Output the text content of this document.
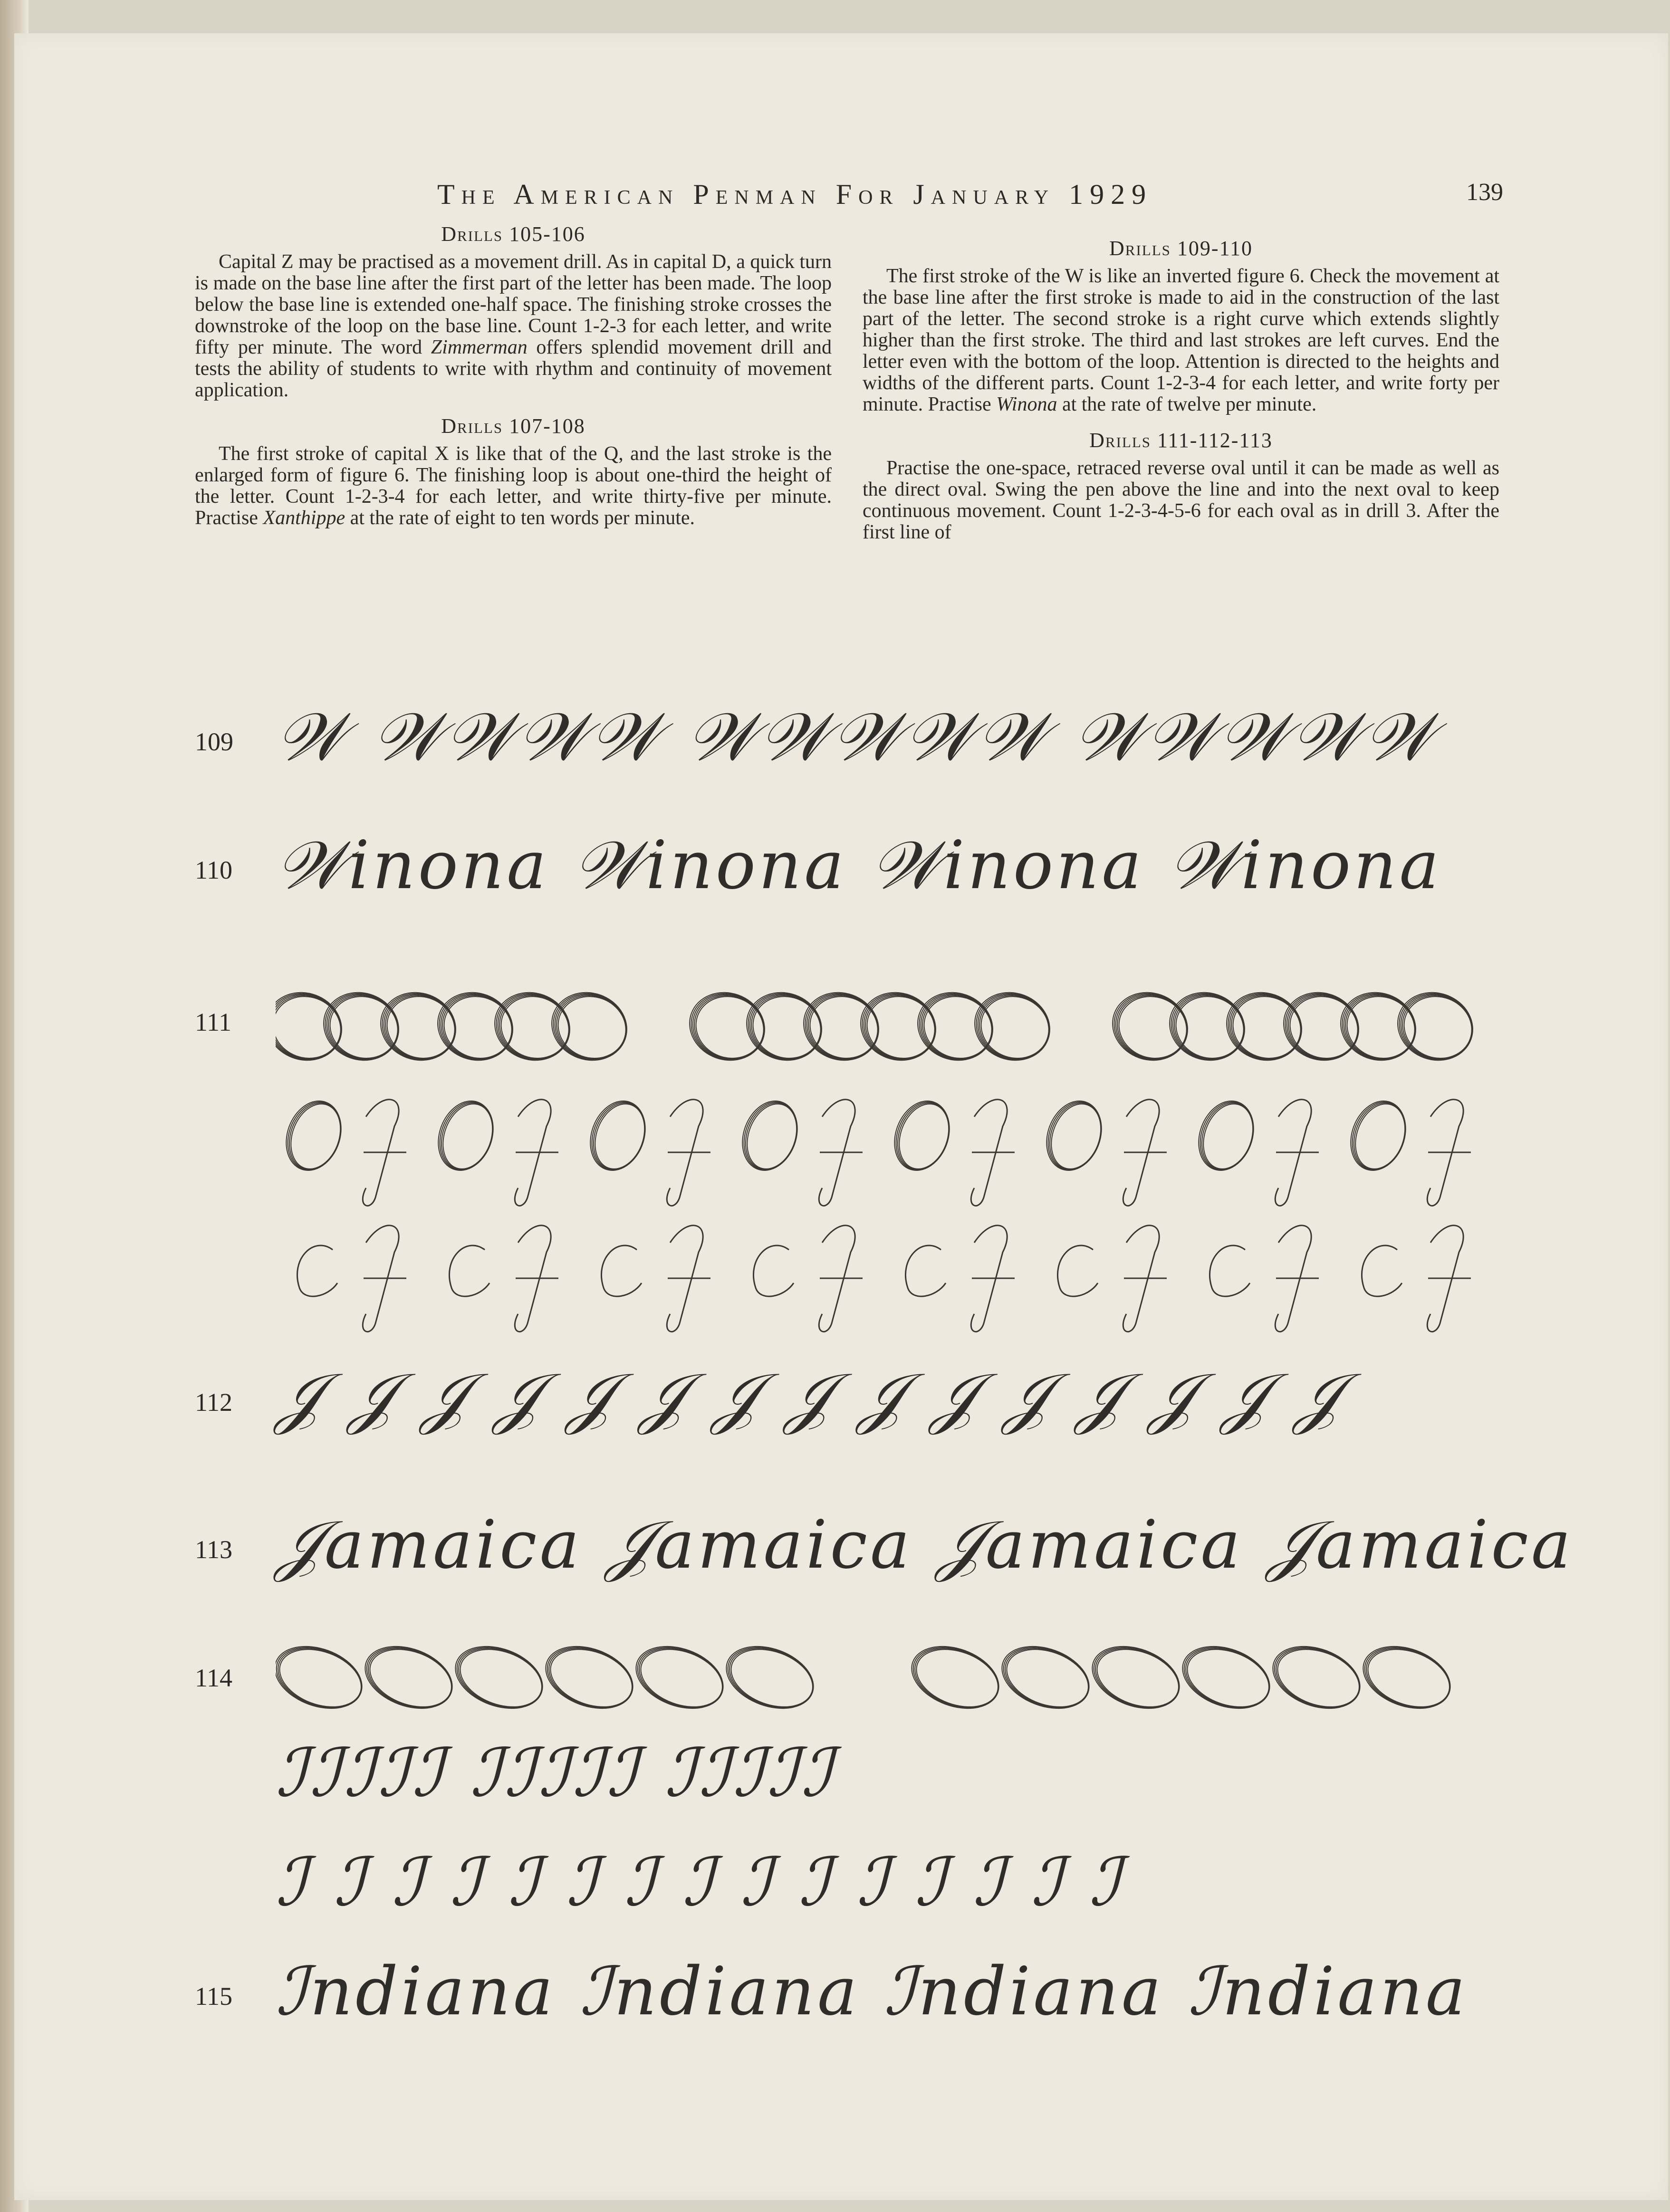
The American Penman For January 1929	139
Drills 105-106

Capital Z may be practised as a movement drill. As in capital D, a quick turn is made on the base line after the first part of the letter has been made. The loop below the base line is extended one-half space. The finishing stroke crosses the downstroke of the loop on the base line. Count 1-2-3 for each letter, and write fifty per minute. The word Zimmerman offers splendid movement drill and tests the ability of students to write with rhythm and continuity of movement application.

Drills 107-108

The first stroke of capital X is like that of the Q, and the last stroke is the enlarged form of figure 6. The finishing loop is about one-third the height of the letter. Count 1-2-3-4 for each letter, and write thirty-five per minute. Practise Xanthippe at the rate of eight to ten words per minute.

Drills 109-110

The first stroke of the W is like an inverted figure 6. Check the movement at the base line after the first stroke is made to aid in the construction of the last part of the letter. The second stroke is a right curve which extends slightly higher than the first stroke. The third and last strokes are left curves. End the letter even with the bottom of the loop. Attention is directed to the heights and widths of the different parts. Count 1-2-3-4 for each letter, and write forty per minute. Practise Winona at the rate of twelve per minute.

Drills 111-112-113

Practise the one-space, retraced reverse oval until it can be made as well as the direct oval. Swing the pen above the line and into the next oval to keep continuous movement. Count 1-2-3-4-5-6 for each oval as in drill 3. After the first line of

109 𝒲 𝒲𝒲𝒲𝒲 𝒲𝒲𝒲𝒲𝒲 𝒲𝒲𝒲𝒲𝒲
110 𝒲inona 𝒲inona 𝒲inona 𝒲inona
111
112 𝒥 𝒥 𝒥 𝒥 𝒥 𝒥 𝒥 𝒥 𝒥 𝒥 𝒥 𝒥 𝒥 𝒥 𝒥
113 𝒥amaica 𝒥amaica 𝒥amaica 𝒥amaica
114
ℐℐℐℐℐ ℐℐℐℐℐ ℐℐℐℐℐ
ℐ ℐ ℐ ℐ ℐ ℐ ℐ ℐ ℐ ℐ ℐ ℐ ℐ ℐ ℐ
115 ℐndiana ℐndiana ℐndiana ℐndiana
